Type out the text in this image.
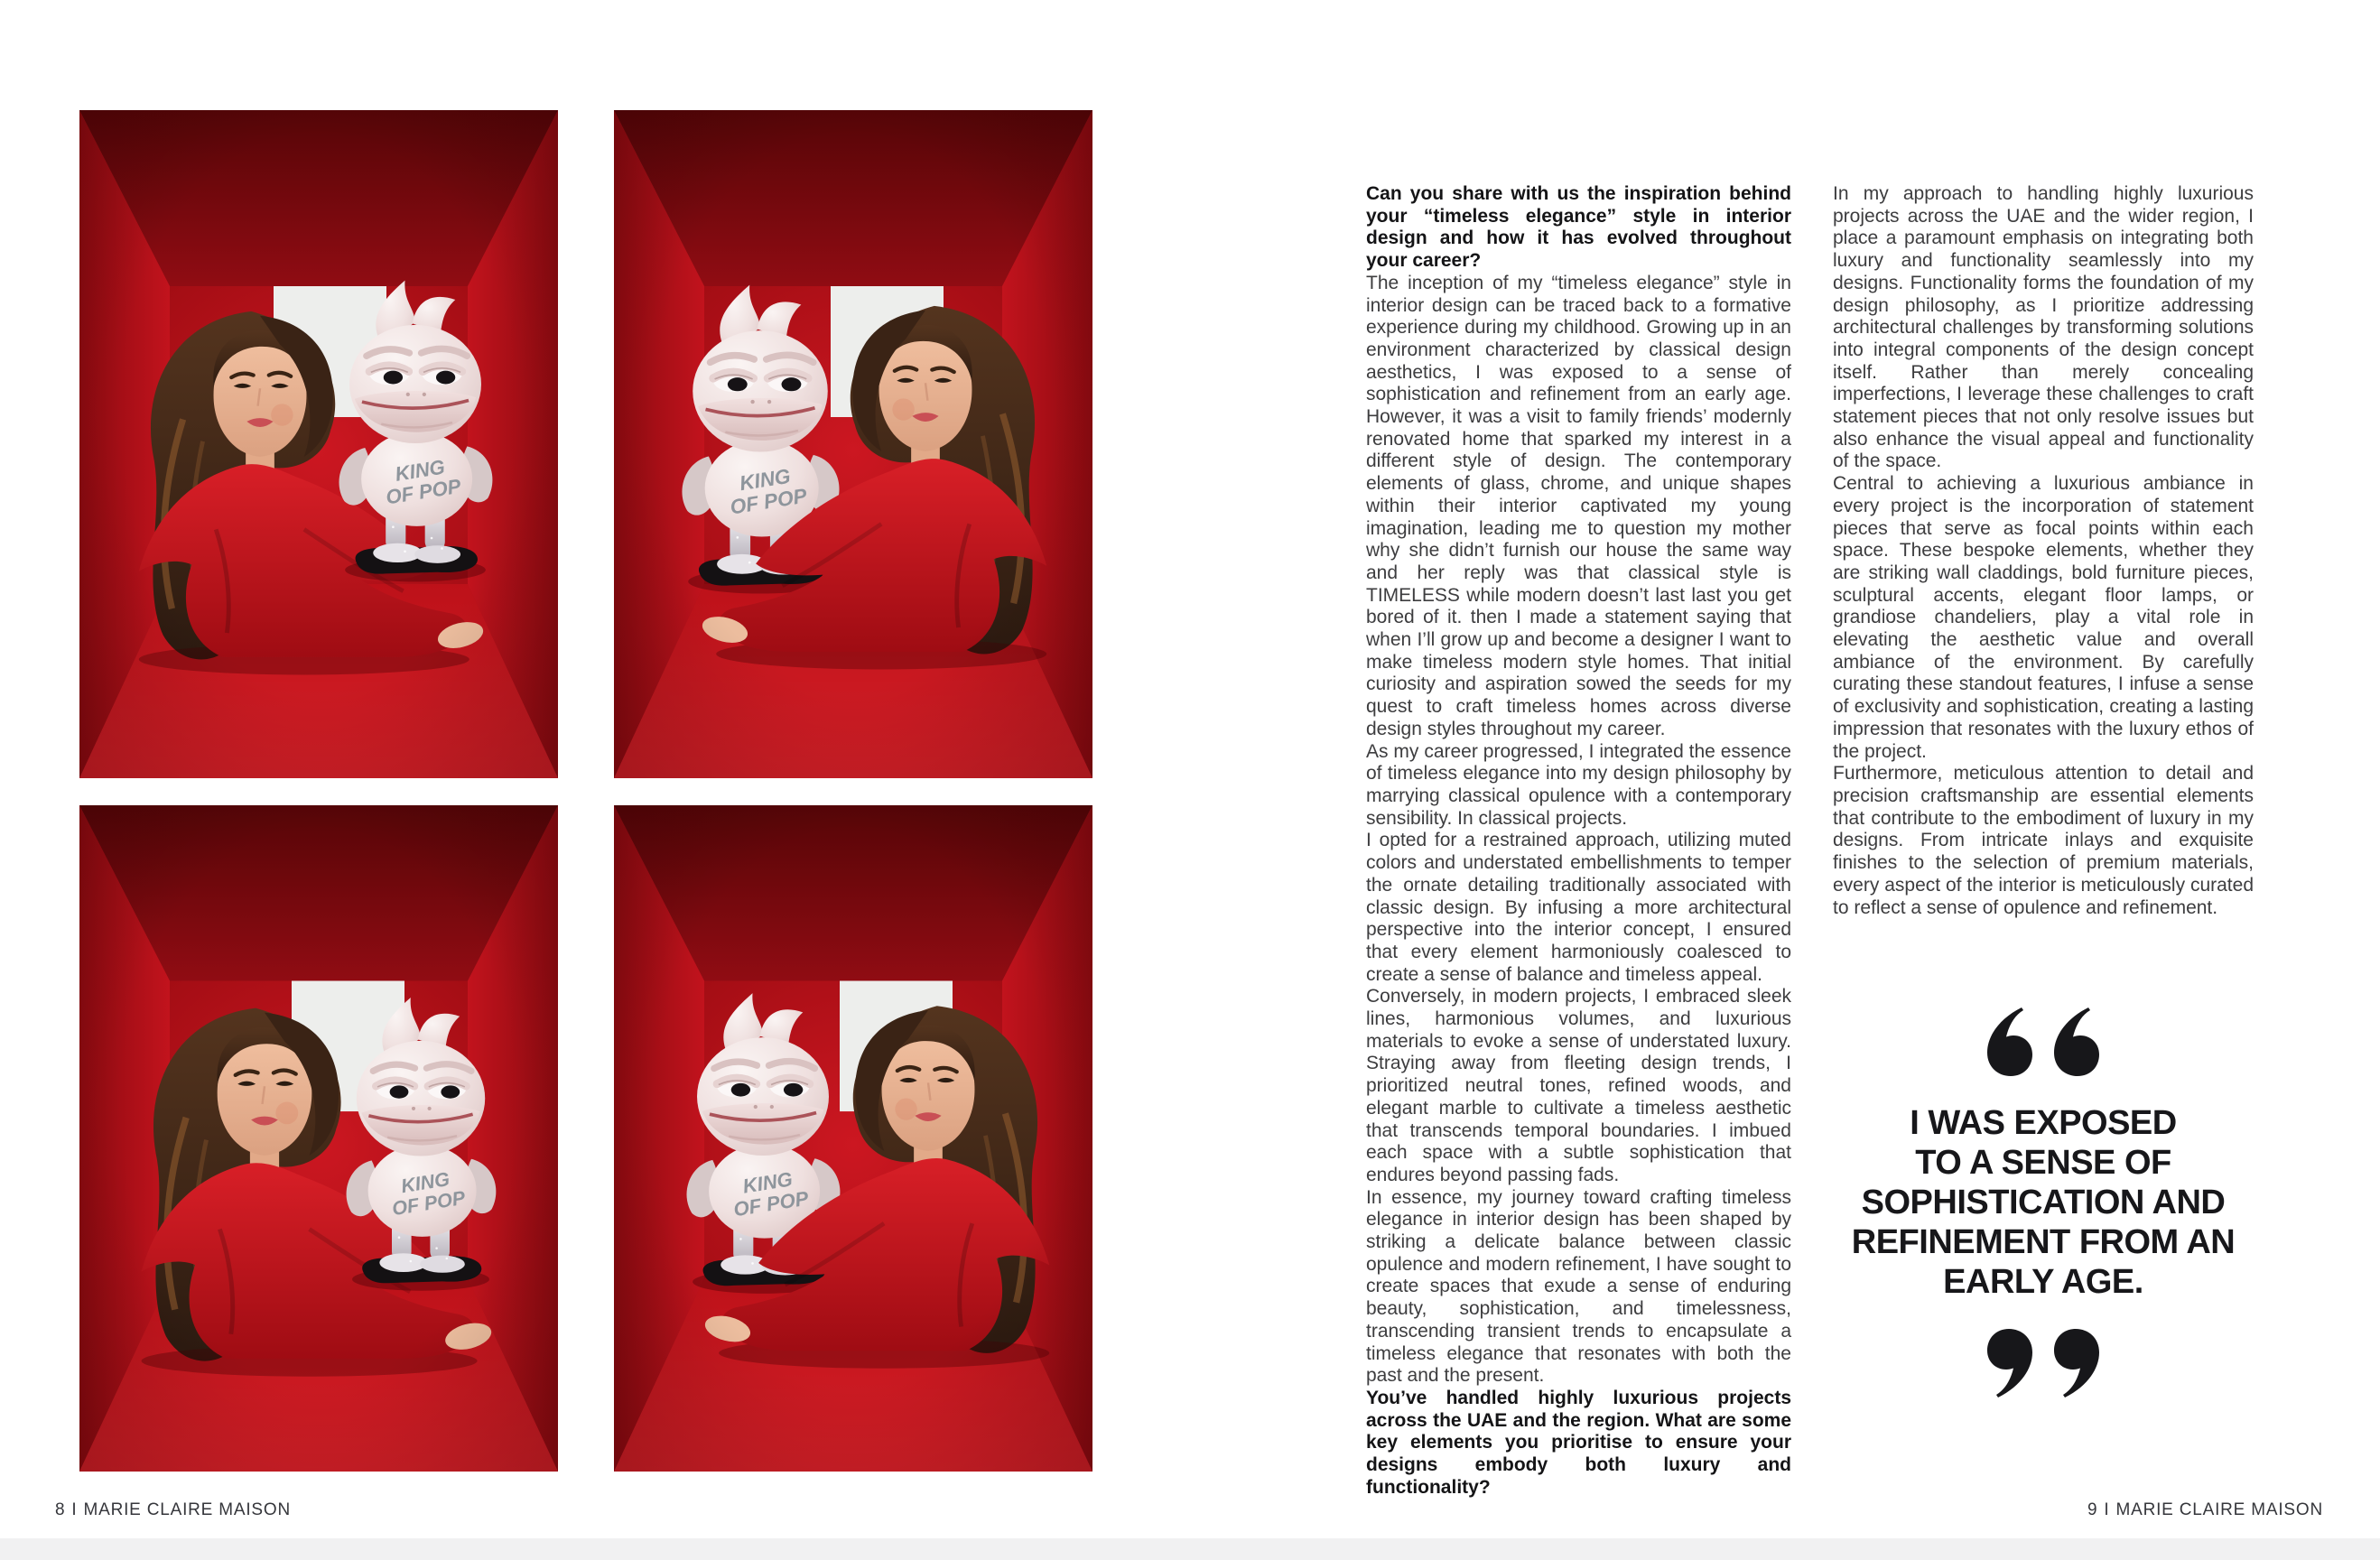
Can you share with us the inspiration behind your “timeless elegance” style in interior design and how it has evolved throughout your career?

The inception of my “timeless elegance” style in interior design can be traced back to a formative experience during my childhood. Growing up in an environment characterized by classical design aesthetics, I was exposed to a sense of sophistication and refinement from an early age. However, it was a visit to family friends’ modernly renovated home that sparked my interest in a different style of design. The contemporary elements of glass, chrome, and unique shapes within their interior captivated my young imagination, leading me to question my mother why she didn’t furnish our house the same way and her reply was that classical style is TIMELESS while modern doesn’t last last you get bored of it. then I made a statement saying that when I’ll grow up and become a designer I want to make timeless modern style homes. That initial curiosity and aspiration sowed the seeds for my quest to craft timeless homes across diverse design styles throughout my career.

As my career progressed, I integrated the essence of timeless elegance into my design philosophy by marrying classical opulence with a contemporary sensibility. In classical projects.

I opted for a restrained approach, utilizing muted colors and understated embellishments to temper the ornate detailing traditionally associated with classic design. By infusing a more architectural perspective into the interior concept, I ensured that every element harmoniously coalesced to create a sense of balance and timeless appeal.

Conversely, in modern projects, I embraced sleek lines, harmonious volumes, and luxurious materials to evoke a sense of understated luxury. Straying away from fleeting design trends, I prioritized neutral tones, refined woods, and elegant marble to cultivate a timeless aesthetic that transcends temporal boundaries. I imbued each space with a subtle sophistication that endures beyond passing fads.

In essence, my journey toward crafting timeless elegance in interior design has been shaped by striking a delicate balance between classic opulence and modern refinement, I have sought to create spaces that exude a sense of enduring beauty, sophistication, and timelessness, transcending transient trends to encapsulate a timeless elegance that resonates with both the past and the present.

You’ve handled highly luxurious projects across the UAE and the region. What are some key elements you prioritise to ensure your designs embody both luxury and functionality?

In my approach to handling highly luxurious projects across the UAE and the wider region, I place a paramount emphasis on integrating both luxury and functionality seamlessly into my designs. Functionality forms the foundation of my design philosophy, as I prioritize addressing architectural challenges by transforming solutions into integral components of the design concept itself. Rather than merely concealing imperfections, I leverage these challenges to craft statement pieces that not only resolve issues but also enhance the visual appeal and functionality of the space.

Central to achieving a luxurious ambiance in every project is the incorporation of statement pieces that serve as focal points within each space. These bespoke elements, whether they are striking wall claddings, bold furniture pieces, sculptural accents, elegant floor lamps, or grandiose chandeliers, play a vital role in elevating the aesthetic value and overall ambiance of the environment. By carefully curating these standout features, I infuse a sense of exclusivity and sophistication, creating a lasting impression that resonates with the luxury ethos of the project.

Furthermore, meticulous attention to detail and precision craftsmanship are essential elements that contribute to the embodiment of luxury in my designs. From intricate inlays and exquisite finishes to the selection of premium materials, every aspect of the interior is meticulously curated to reflect a sense of opulence and refinement.

I WAS EXPOSED
TO A SENSE OF
SOPHISTICATION AND
REFINEMENT FROM AN
EARLY AGE.
8 I MARIE CLAIRE MAISON	9 I MARIE CLAIRE MAISON
